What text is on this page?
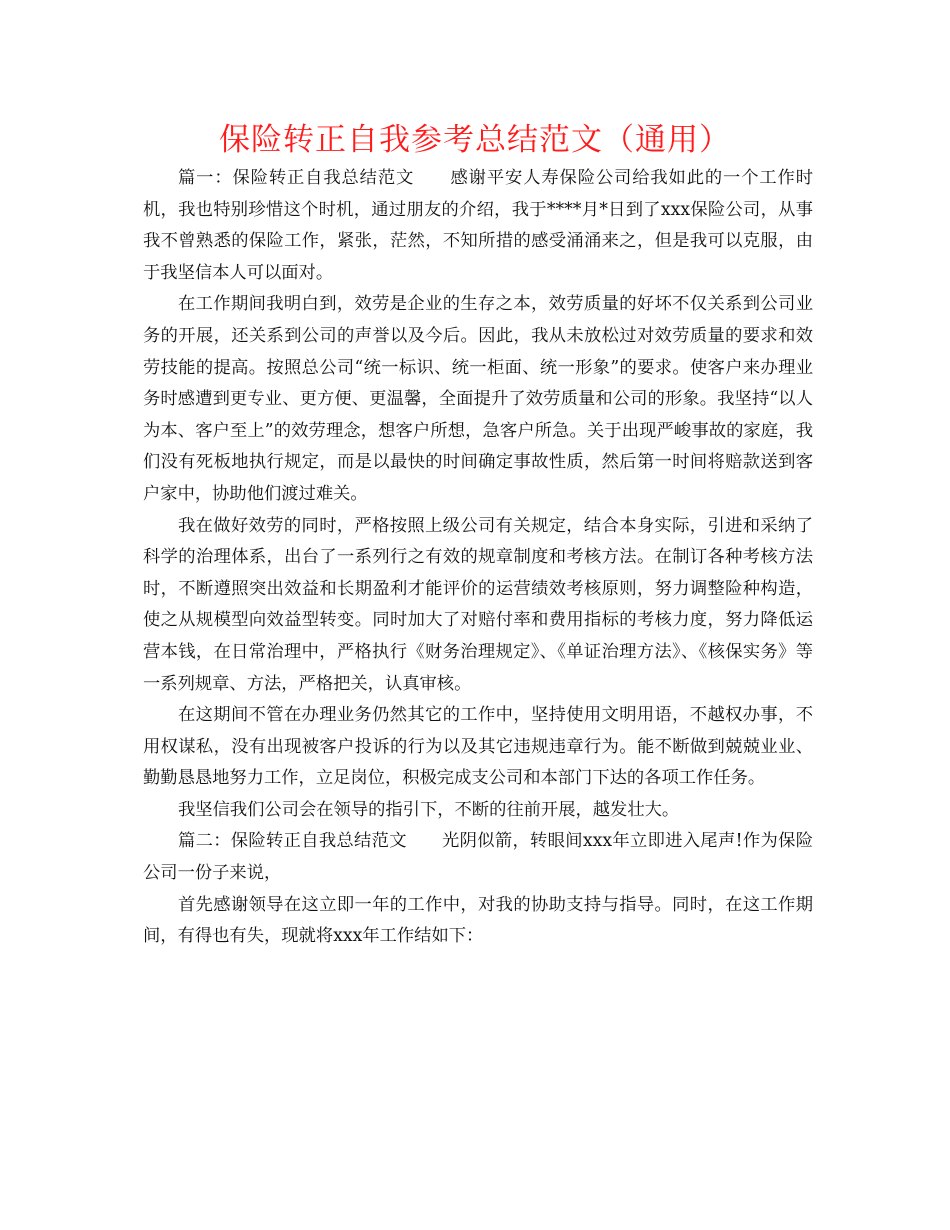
保险转正自我参考总结范文（通用）

篇一：保险转正自我总结范文　　感谢平安人寿保险公司给我如此的一个工作时机，我也特别珍惜这个时机，通过朋友的介绍，我于****月*日到了xxx保险公司，从事我不曾熟悉的保险工作，紧张，茫然，不知所措的感受涌涌来之，但是我可以克服，由于我坚信本人可以面对。

在工作期间我明白到，效劳是企业的生存之本，效劳质量的好坏不仅关系到公司业务的开展，还关系到公司的声誉以及今后。因此，我从未放松过对效劳质量的要求和效劳技能的提高。按照总公司“统一标识、统一柜面、统一形象”的要求。使客户来办理业务时感遭到更专业、更方便、更温馨，全面提升了效劳质量和公司的形象。我坚持“以人为本、客户至上”的效劳理念，想客户所想，急客户所急。关于出现严峻事故的家庭，我们没有死板地执行规定，而是以最快的时间确定事故性质，然后第一时间将赔款送到客户家中，协助他们渡过难关。

我在做好效劳的同时，严格按照上级公司有关规定，结合本身实际，引进和采纳了科学的治理体系，出台了一系列行之有效的规章制度和考核方法。在制订各种考核方法时，不断遵照突出效益和长期盈利才能评价的运营绩效考核原则，努力调整险种构造，使之从规模型向效益型转变。同时加大了对赔付率和费用指标的考核力度，努力降低运营本钱，在日常治理中，严格执行《财务治理规定》、《单证治理方法》、《核保实务》等一系列规章、方法，严格把关，认真审核。

在这期间不管在办理业务仍然其它的工作中，坚持使用文明用语，不越权办事，不用权谋私，没有出现被客户投诉的行为以及其它违规违章行为。能不断做到兢兢业业、勤勤恳恳地努力工作，立足岗位，积极完成支公司和本部门下达的各项工作任务。

我坚信我们公司会在领导的指引下，不断的往前开展，越发壮大。

篇二：保险转正自我总结范文　　光阴似箭，转眼间xxx年立即进入尾声!作为保险公司一份子来说，

首先感谢领导在这立即一年的工作中，对我的协助支持与指导。同时，在这工作期间，有得也有失，现就将xxx年工作结如下：
